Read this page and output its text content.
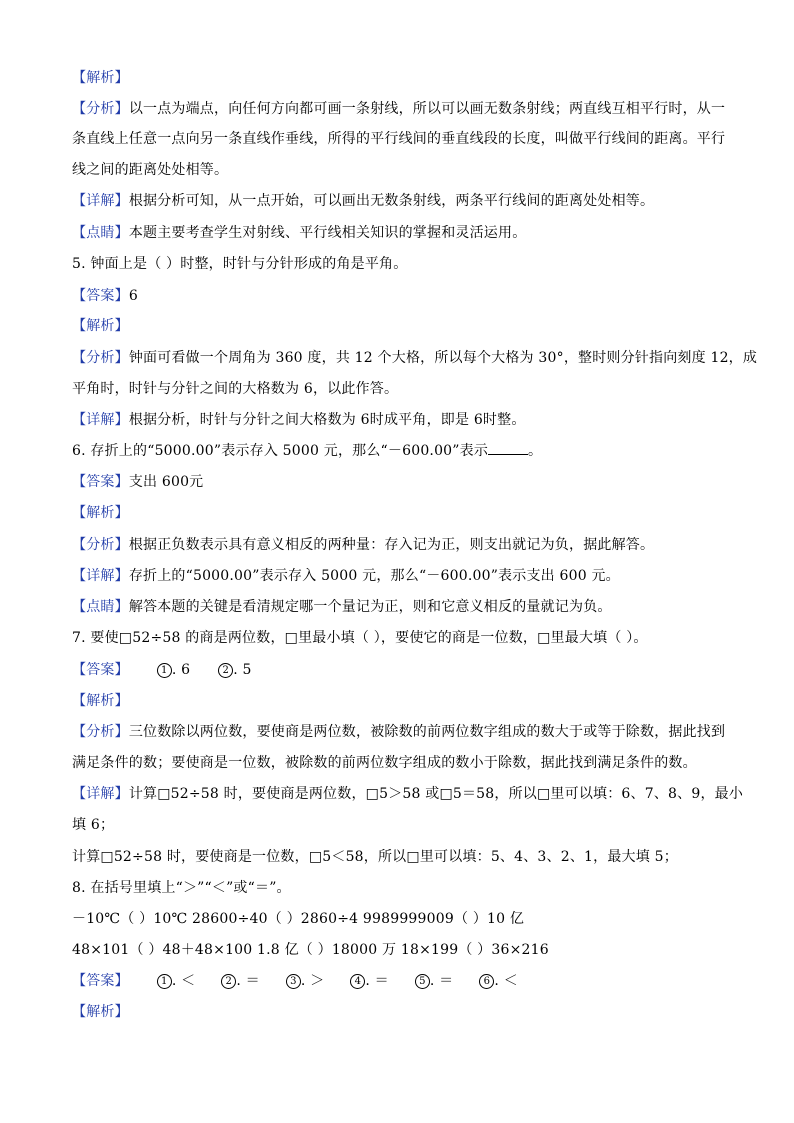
【解析】
【分析】以一点为端点，向任何方向都可画一条射线，所以可以画无数条射线；两直线互相平行时，从一
条直线上任意一点向另一条直线作垂线，所得的平行线间的垂直线段的长度，叫做平行线间的距离。平行
线之间的距离处处相等。
【详解】根据分析可知，从一点开始，可以画出无数条射线，两条平行线间的距离处处相等。
【点睛】本题主要考查学生对射线、平行线相关知识的掌握和灵活运用。
5. 钟面上是（ ）时整，时针与分针形成的角是平角。
【答案】6
【解析】
【分析】钟面可看做一个周角为 360 度，共 12 个大格，所以每个大格为 30°，整时则分针指向刻度 12，成
平角时，时针与分针之间的大格数为 6，以此作答。
【详解】根据分析，时针与分针之间大格数为 6时成平角，即是 6时整。
6. 存折上的“5000.00”表示存入 5000 元，那么“－600.00”表示	。
【答案】支出 600元
【解析】
【分析】根据正负数表示具有意义相反的两种量：存入记为正，则支出就记为负，据此解答。
【详解】存折上的“5000.00”表示存入 5000 元，那么“－600.00”表示支出 600 元。
【点睛】解答本题的关键是看清规定哪一个量记为正，则和它意义相反的量就记为负。
7. 要使□52÷58 的商是两位数，□里最小填（ ），要使它的商是一位数，□里最大填（ ）。
【答案】	1 . 6	2 . 5
【解析】
【分析】三位数除以两位数，要使商是两位数，被除数的前两位数字组成的数大于或等于除数，据此找到
满足条件的数；要使商是一位数，被除数的前两位数字组成的数小于除数，据此找到满足条件的数。
【详解】计算□52÷58 时，要使商是两位数，□5＞58 或□5＝58，所以□里可以填：6、7、8、9，最小
填 6；
计算□52÷58 时，要使商是一位数，□5＜58，所以□里可以填：5、4、3、2、1，最大填 5；
8. 在括号里填上“＞”“＜”或“＝”。
－10℃（ ）10℃ 28600÷40（ ）2860÷4 9989999009（ ）10 亿
48×101（ ）48＋48×100 1.8 亿（ ）18000 万 18×199（ ）36×216
【答案】	1 . ＜	2 . ＝	3 . ＞	4 . ＝	5 . ＝	6 . ＜
【解析】
